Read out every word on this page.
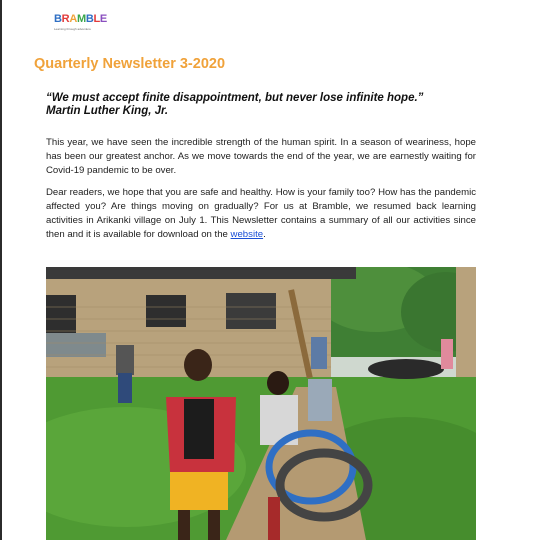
BRAMBLE
Learning through adventure
Quarterly Newsletter 3-2020
“We must accept finite disappointment, but never lose infinite hope.”
Martin Luther King, Jr.

This year, we have seen the incredible strength of the human spirit. In a season of weariness, hope has been our greatest anchor. As we move towards the end of the year, we are earnestly waiting for Covid-19 pandemic to be over.

Dear readers, we hope that you are safe and healthy. How is your family too? How has the pandemic affected you? Are things moving on gradually? For us at Bramble, we resumed back learning activities in Arikanki village on July 1. This Newsletter contains a summary of all our activities since then and it is available for download on the website.
